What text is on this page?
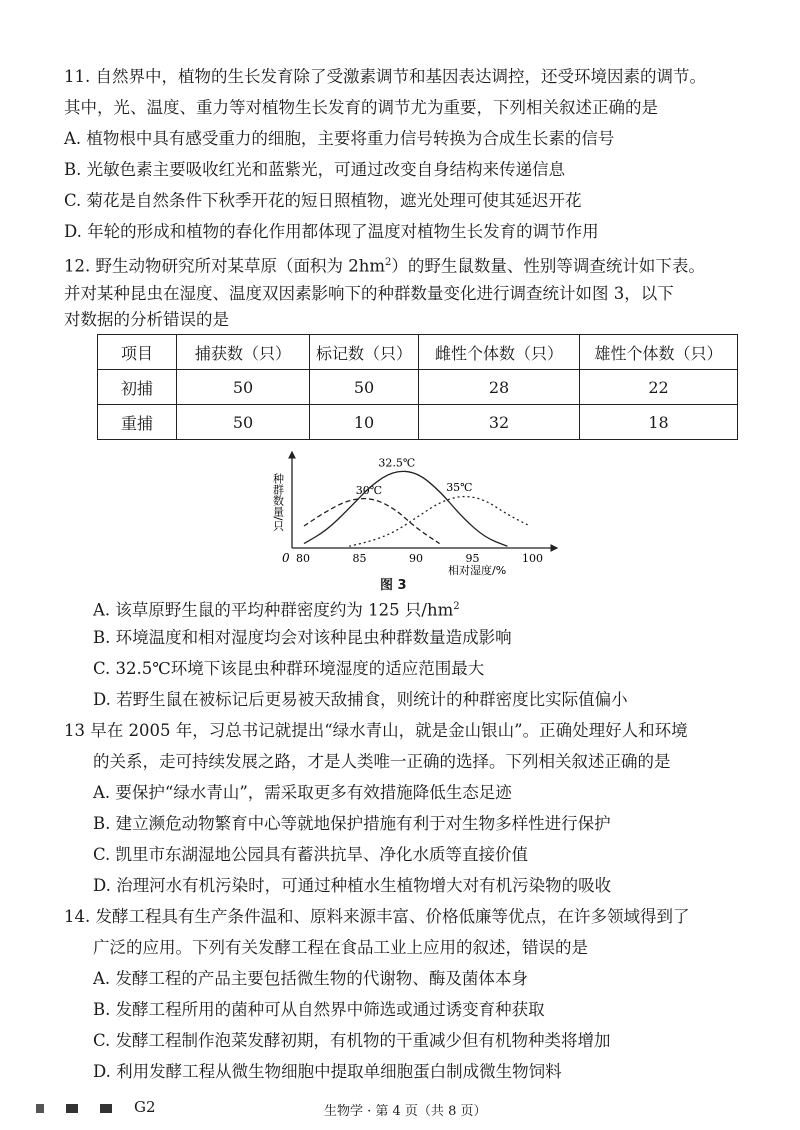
11. 自然界中，植物的生长发育除了受激素调节和基因表达调控，还受环境因素的调节。
其中，光、温度、重力等对植物生长发育的调节尤为重要，下列相关叙述正确的是
A. 植物根中具有感受重力的细胞，主要将重力信号转换为合成生长素的信号
B. 光敏色素主要吸收红光和蓝紫光，可通过改变自身结构来传递信息
C. 菊花是自然条件下秋季开花的短日照植物，遮光处理可使其延迟开花
D. 年轮的形成和植物的春化作用都体现了温度对植物生长发育的调节作用
12. 野生动物研究所对某草原（面积为 $2hm^2$）的野生鼠数量、性别等调查统计如下表。
并对某种昆虫在湿度、温度双因素影响下的种群数量变化进行调查统计如图 3，以下
对数据的分析错误的是
项目	捕获数（只）	标记数（只）	雌性个体数（只）	雄性个体数（只）
初捕	50	50	28	22
重捕	50	10	32	18
种群数量/只
0 80	85	90	95	100
30℃
32.5℃
35℃
相对湿度/%
图 3
A. 该草原野生鼠的平均种群密度约为 125 只$/hm^2$
B. 环境温度和相对湿度均会对该种昆虫种群数量造成影响
C. 32.5℃环境下该昆虫种群环境湿度的适应范围最大
D. 若野生鼠在被标记后更易被天敌捕食，则统计的种群密度比实际值偏小
13 早在 2005 年，习总书记就提出“绿水青山，就是金山银山”。正确处理好人和环境
的关系，走可持续发展之路，才是人类唯一正确的选择。下列相关叙述正确的是
A. 要保护“绿水青山”，需采取更多有效措施降低生态足迹
B. 建立濒危动物繁育中心等就地保护措施有利于对生物多样性进行保护
C. 凯里市东湖湿地公园具有蓄洪抗旱、净化水质等直接价值
D. 治理河水有机污染时，可通过种植水生植物增大对有机污染物的吸收
14. 发酵工程具有生产条件温和、原料来源丰富、价格低廉等优点，在许多领域得到了
广泛的应用。下列有关发酵工程在食品工业上应用的叙述，错误的是
A. 发酵工程的产品主要包括微生物的代谢物、酶及菌体本身
B. 发酵工程所用的菌种可从自然界中筛选或通过诱变育种获取
C. 发酵工程制作泡菜发酵初期，有机物的干重减少但有机物种类将增加
D. 利用发酵工程从微生物细胞中提取单细胞蛋白制成微生物饲料
G2	生物学 · 第 4 页（共 8 页）
